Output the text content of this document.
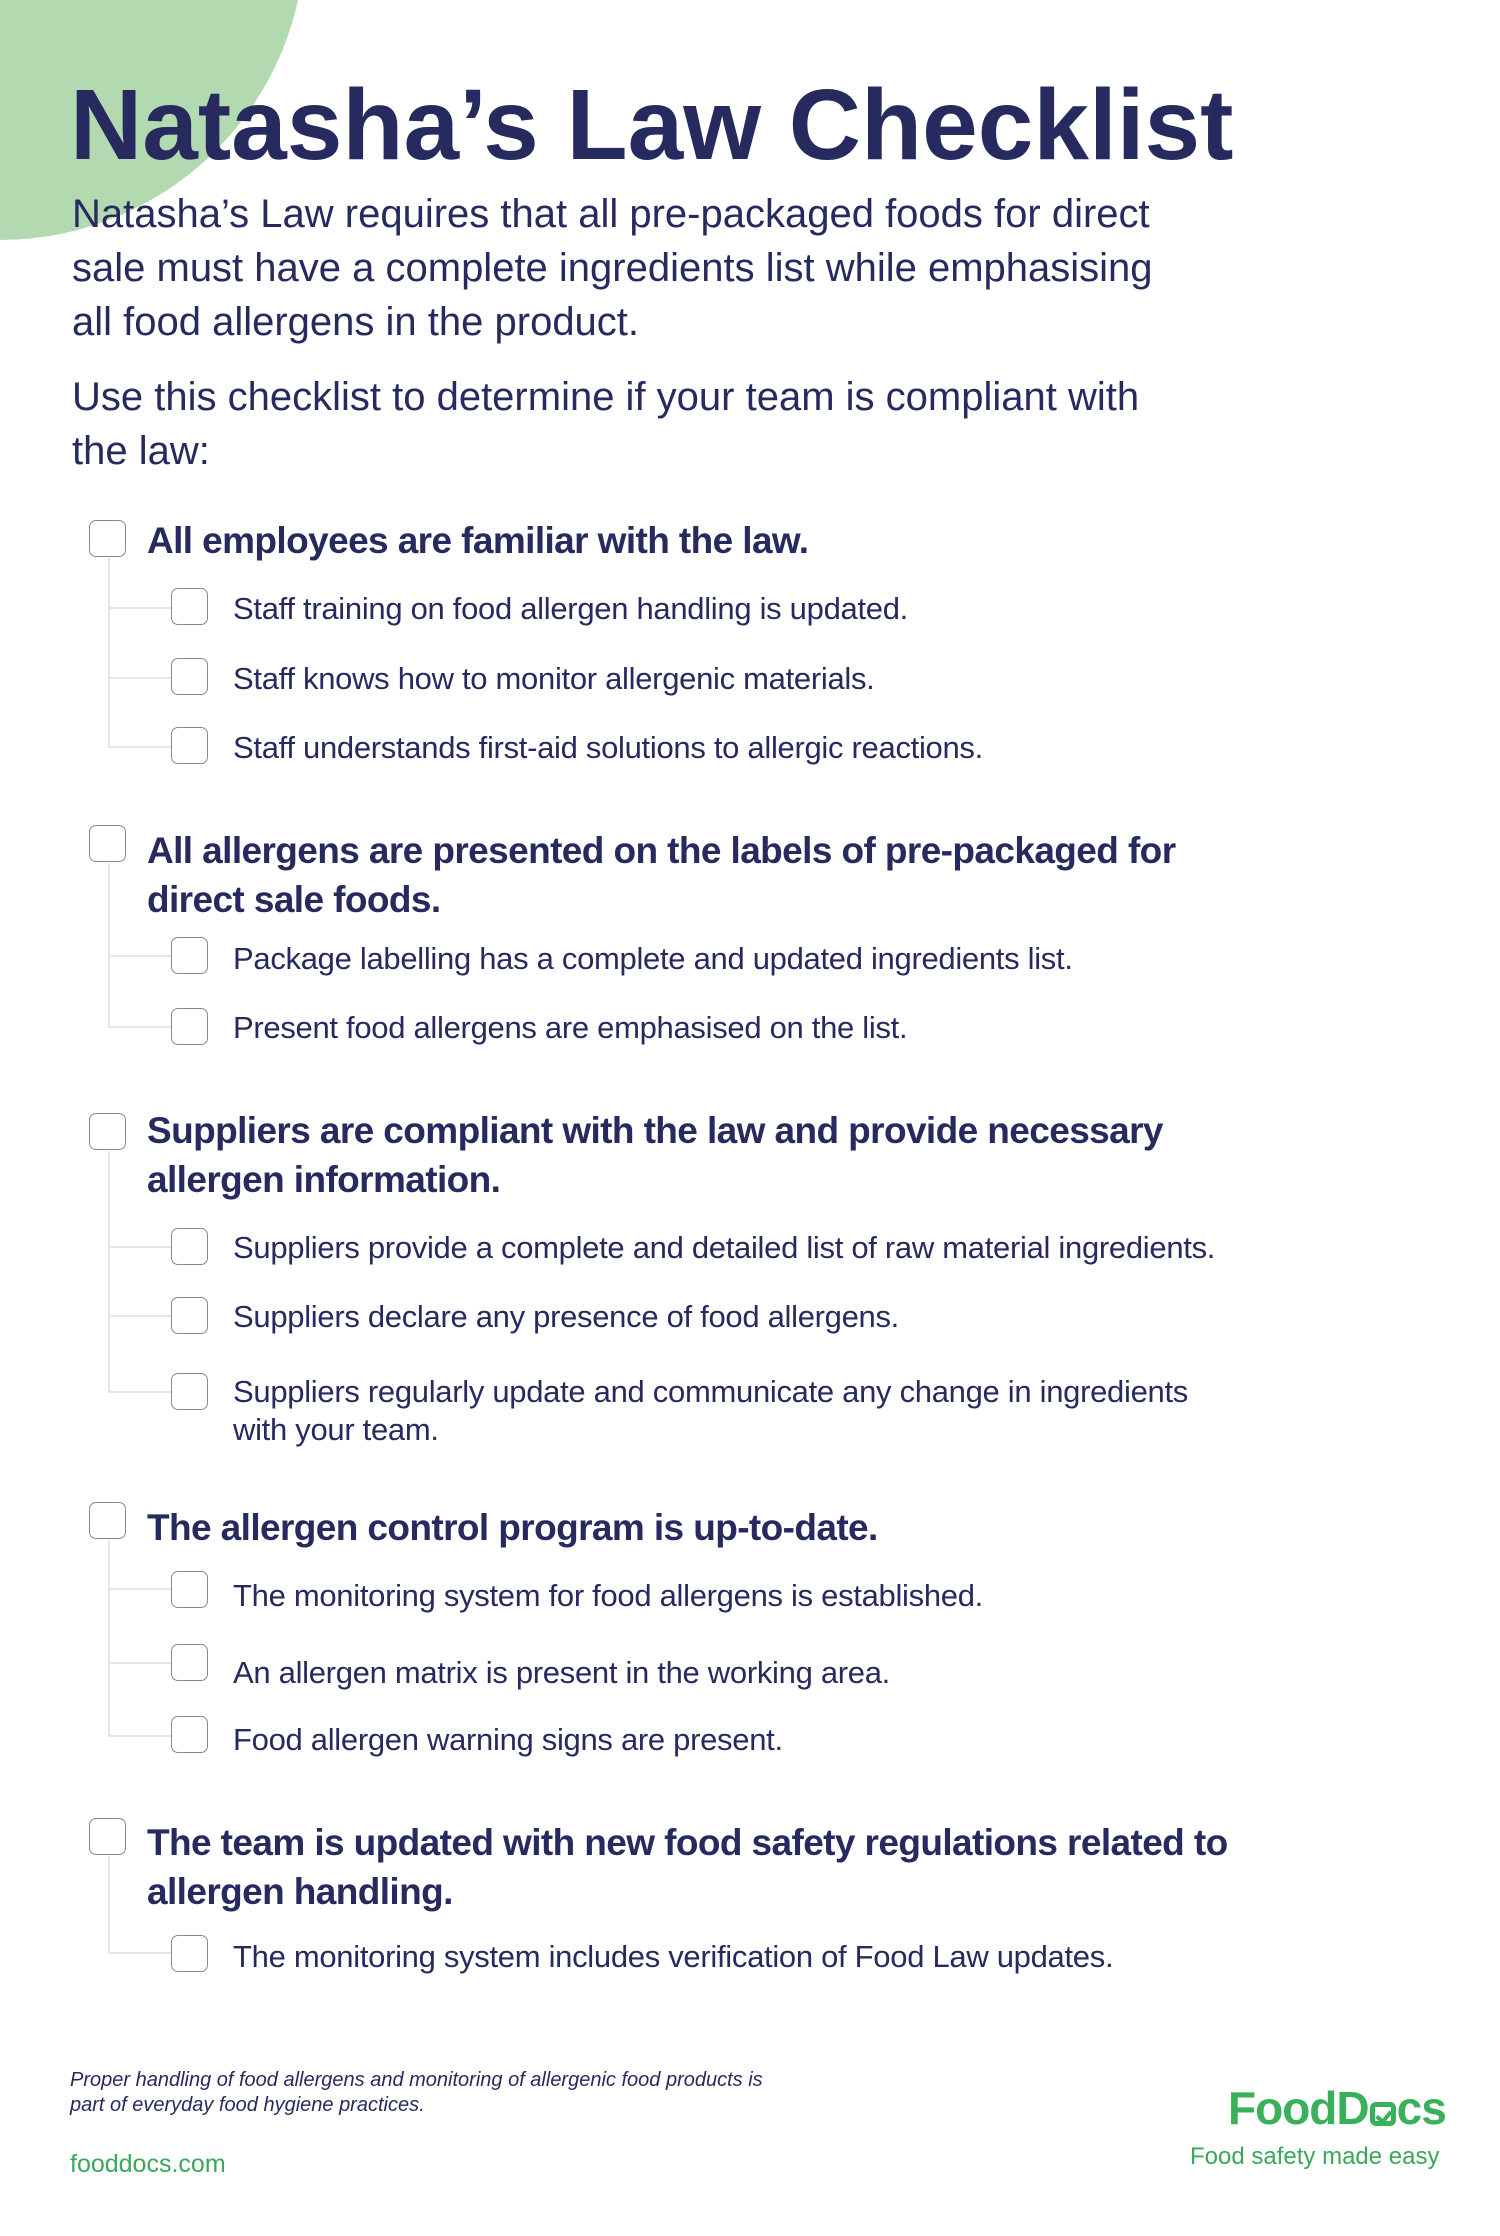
Natasha’s Law Checklist
Natasha’s Law requires that all pre-packaged foods for direct
sale must have a complete ingredients list while emphasising
all food allergens in the product.
Use this checklist to determine if your team is compliant with
the law:
All employees are familiar with the law.
Staff training on food allergen handling is updated.
Staff knows how to monitor allergenic materials.
Staff understands first-aid solutions to allergic reactions.
All allergens are presented on the labels of pre-packaged for
direct sale foods.
Package labelling has a complete and updated ingredients list.
Present food allergens are emphasised on the list.
Suppliers are compliant with the law and provide necessary
allergen information.
Suppliers provide a complete and detailed list of raw material ingredients.
Suppliers declare any presence of food allergens.
Suppliers regularly update and communicate any change in ingredients
with your team.
The allergen control program is up-to-date.
The monitoring system for food allergens is established.
An allergen matrix is present in the working area.
Food allergen warning signs are present.
The team is updated with new food safety regulations related to
allergen handling.
The monitoring system includes verification of Food Law updates.
Proper handling of food allergens and monitoring of allergenic food products is
part of everyday food hygiene practices.
fooddocs.com
FoodD cs
Food safety made easy
